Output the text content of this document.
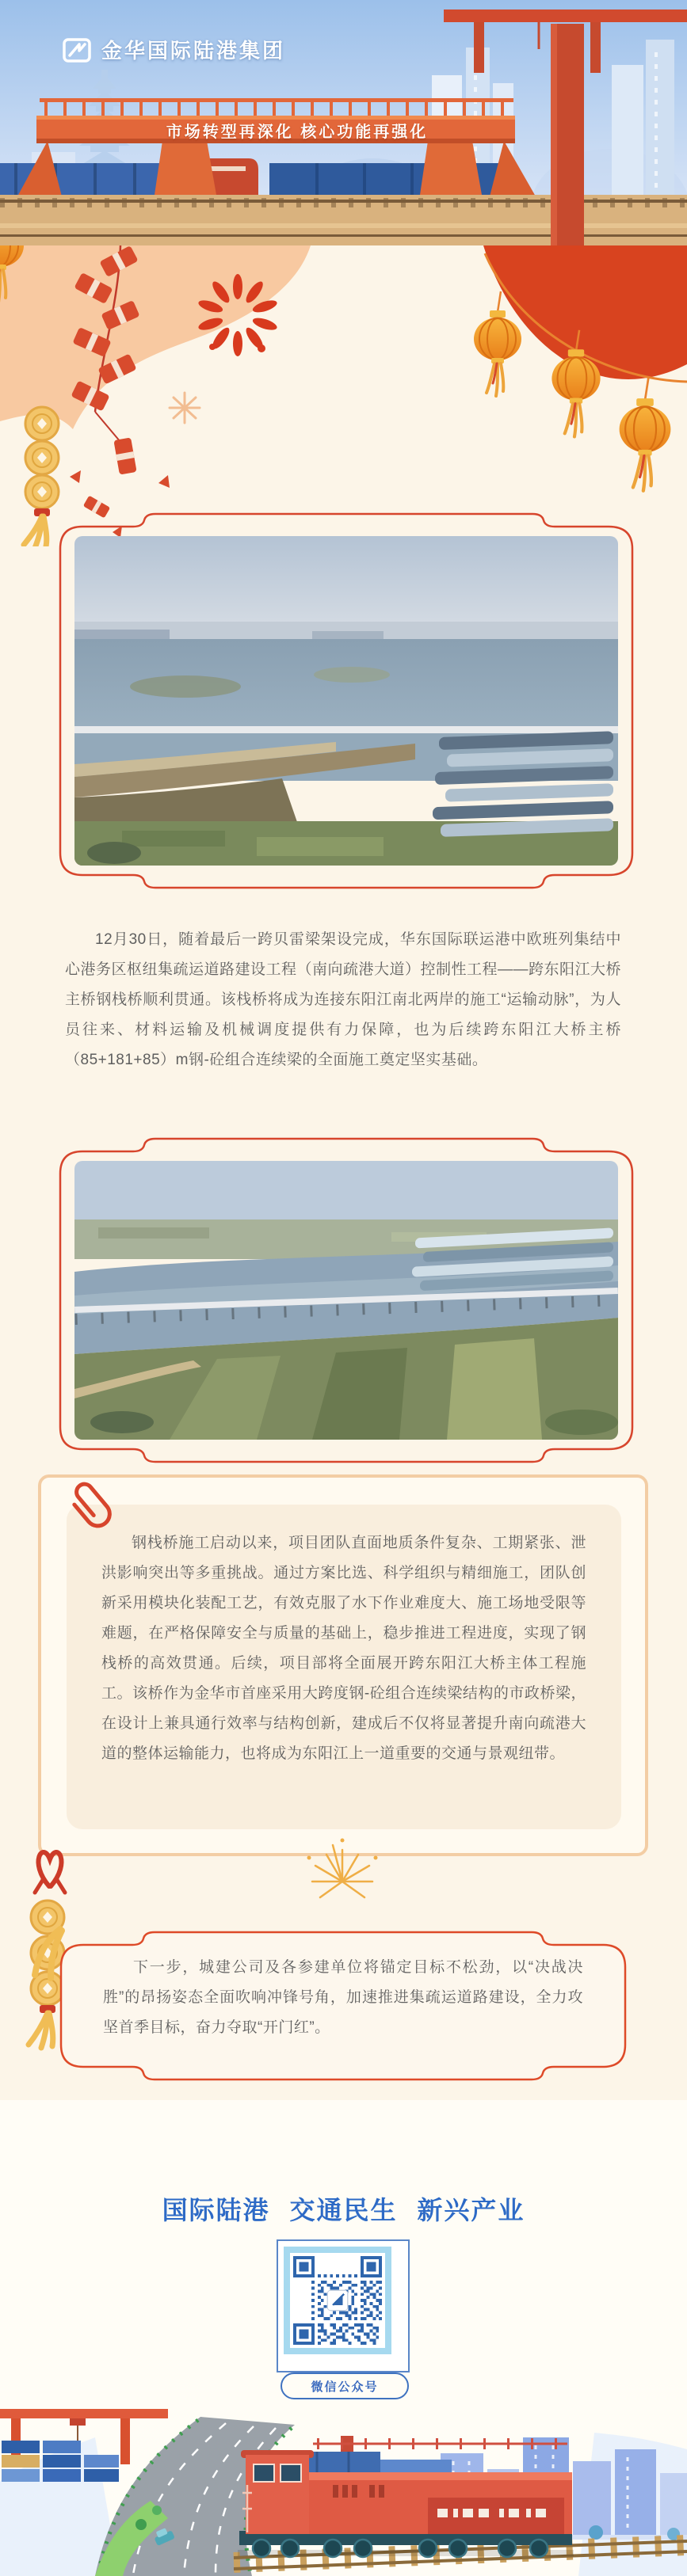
金华国际陆港集团
市场转型再深化 核心功能再强化
12月30日，随着最后一跨贝雷梁架设完成，华东国际联运港中欧班列集结中心港务区枢纽集疏运道路建设工程（南向疏港大道）控制性工程——跨东阳江大桥主桥钢栈桥顺利贯通。该栈桥将成为连接东阳江南北两岸的施工“运输动脉”，为人员往来、材料运输及机械调度提供有力保障，也为后续跨东阳江大桥主桥（85+181+85）m钢-砼组合连续梁的全面施工奠定坚实基础。
钢栈桥施工启动以来，项目团队直面地质条件复杂、工期紧张、泄洪影响突出等多重挑战。通过方案比选、科学组织与精细施工，团队创新采用模块化装配工艺，有效克服了水下作业难度大、施工场地受限等难题，在严格保障安全与质量的基础上，稳步推进工程进度，实现了钢栈桥的高效贯通。后续，项目部将全面展开跨东阳江大桥主体工程施工。该桥作为金华市首座采用大跨度钢-砼组合连续梁结构的市政桥梁，在设计上兼具通行效率与结构创新，建成后不仅将显著提升南向疏港大道的整体运输能力，也将成为东阳江上一道重要的交通与景观纽带。
下一步，城建公司及各参建单位将锚定目标不松劲，以“决战决胜”的昂扬姿态全面吹响冲锋号角，加速推进集疏运道路建设，全力攻坚首季目标，奋力夺取“开门红”。
国际陆港 交通民生 新兴产业
微信公众号
